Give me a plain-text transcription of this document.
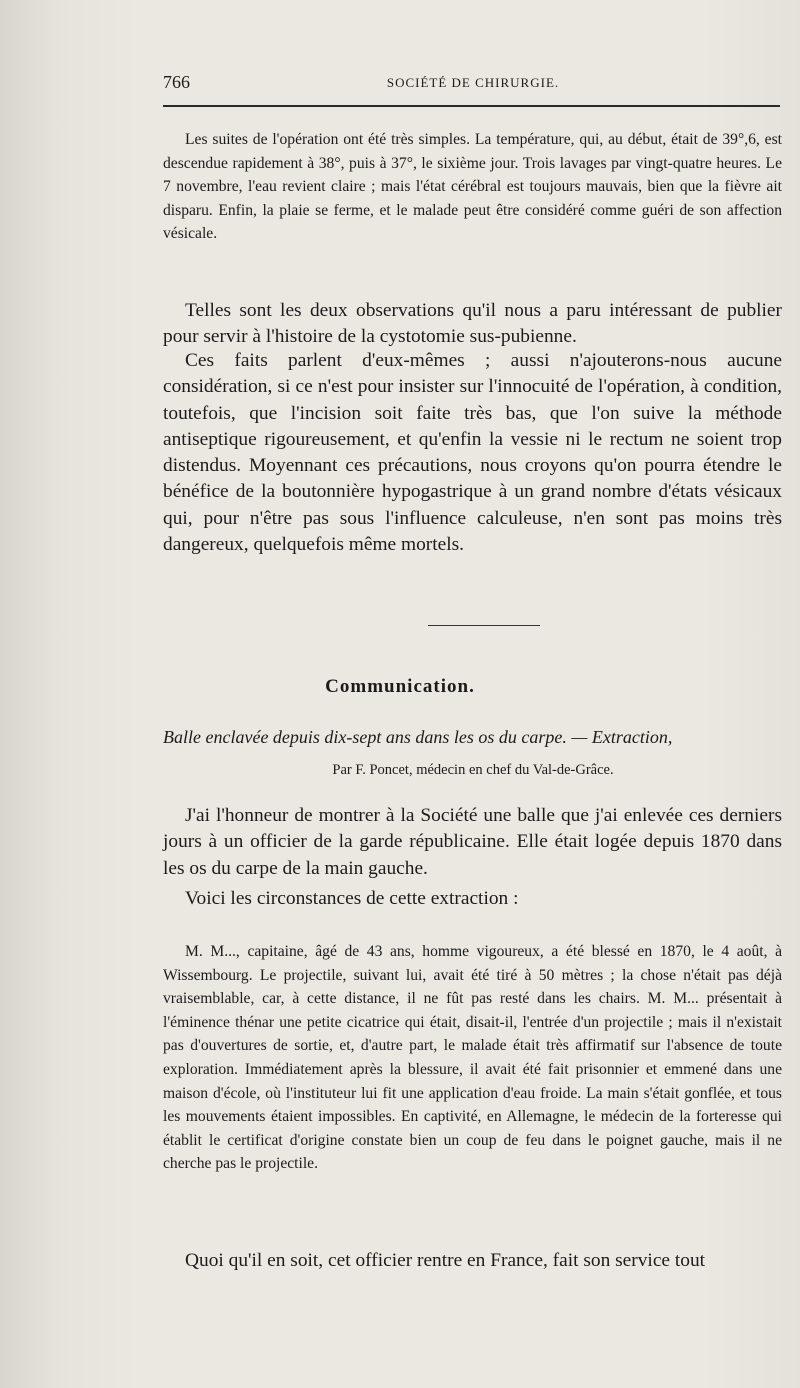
766	SOCIÉTÉ DE CHIRURGIE.

Les suites de l'opération ont été très simples. La température, qui, au début, était de 39°,6, est descendue rapidement à 38°, puis à 37°, le sixième jour. Trois lavages par vingt-quatre heures. Le 7 novembre, l'eau revient claire ; mais l'état cérébral est toujours mauvais, bien que la fièvre ait disparu. Enfin, la plaie se ferme, et le malade peut être considéré comme guéri de son affection vésicale.

Telles sont les deux observations qu'il nous a paru intéressant de publier pour servir à l'histoire de la cystotomie sus-pubienne.

Ces faits parlent d'eux-mêmes ; aussi n'ajouterons-nous aucune considération, si ce n'est pour insister sur l'innocuité de l'opération, à condition, toutefois, que l'incision soit faite très bas, que l'on suive la méthode antiseptique rigoureusement, et qu'enfin la vessie ni le rectum ne soient trop distendus. Moyennant ces précautions, nous croyons qu'on pourra étendre le bénéfice de la boutonnière hypogastrique à un grand nombre d'états vésicaux qui, pour n'être pas sous l'influence calculeuse, n'en sont pas moins très dangereux, quelquefois même mortels.

Communication.
Balle enclavée depuis dix-sept ans dans les os du carpe. — Extraction,
Par F. Poncet, médecin en chef du Val-de-Grâce.

J'ai l'honneur de montrer à la Société une balle que j'ai enlevée ces derniers jours à un officier de la garde républicaine. Elle était logée depuis 1870 dans les os du carpe de la main gauche.

Voici les circonstances de cette extraction :

M. M..., capitaine, âgé de 43 ans, homme vigoureux, a été blessé en 1870, le 4 août, à Wissembourg. Le projectile, suivant lui, avait été tiré à 50 mètres ; la chose n'était pas déjà vraisemblable, car, à cette distance, il ne fût pas resté dans les chairs. M. M... présentait à l'éminence thénar une petite cicatrice qui était, disait-il, l'entrée d'un projectile ; mais il n'existait pas d'ouvertures de sortie, et, d'autre part, le malade était très affirmatif sur l'absence de toute exploration. Immédiatement après la blessure, il avait été fait prisonnier et emmené dans une maison d'école, où l'instituteur lui fit une application d'eau froide. La main s'était gonflée, et tous les mouvements étaient impossibles. En captivité, en Allemagne, le médecin de la forteresse qui établit le certificat d'origine constate bien un coup de feu dans le poignet gauche, mais il ne cherche pas le projectile.

Quoi qu'il en soit, cet officier rentre en France, fait son service tout
